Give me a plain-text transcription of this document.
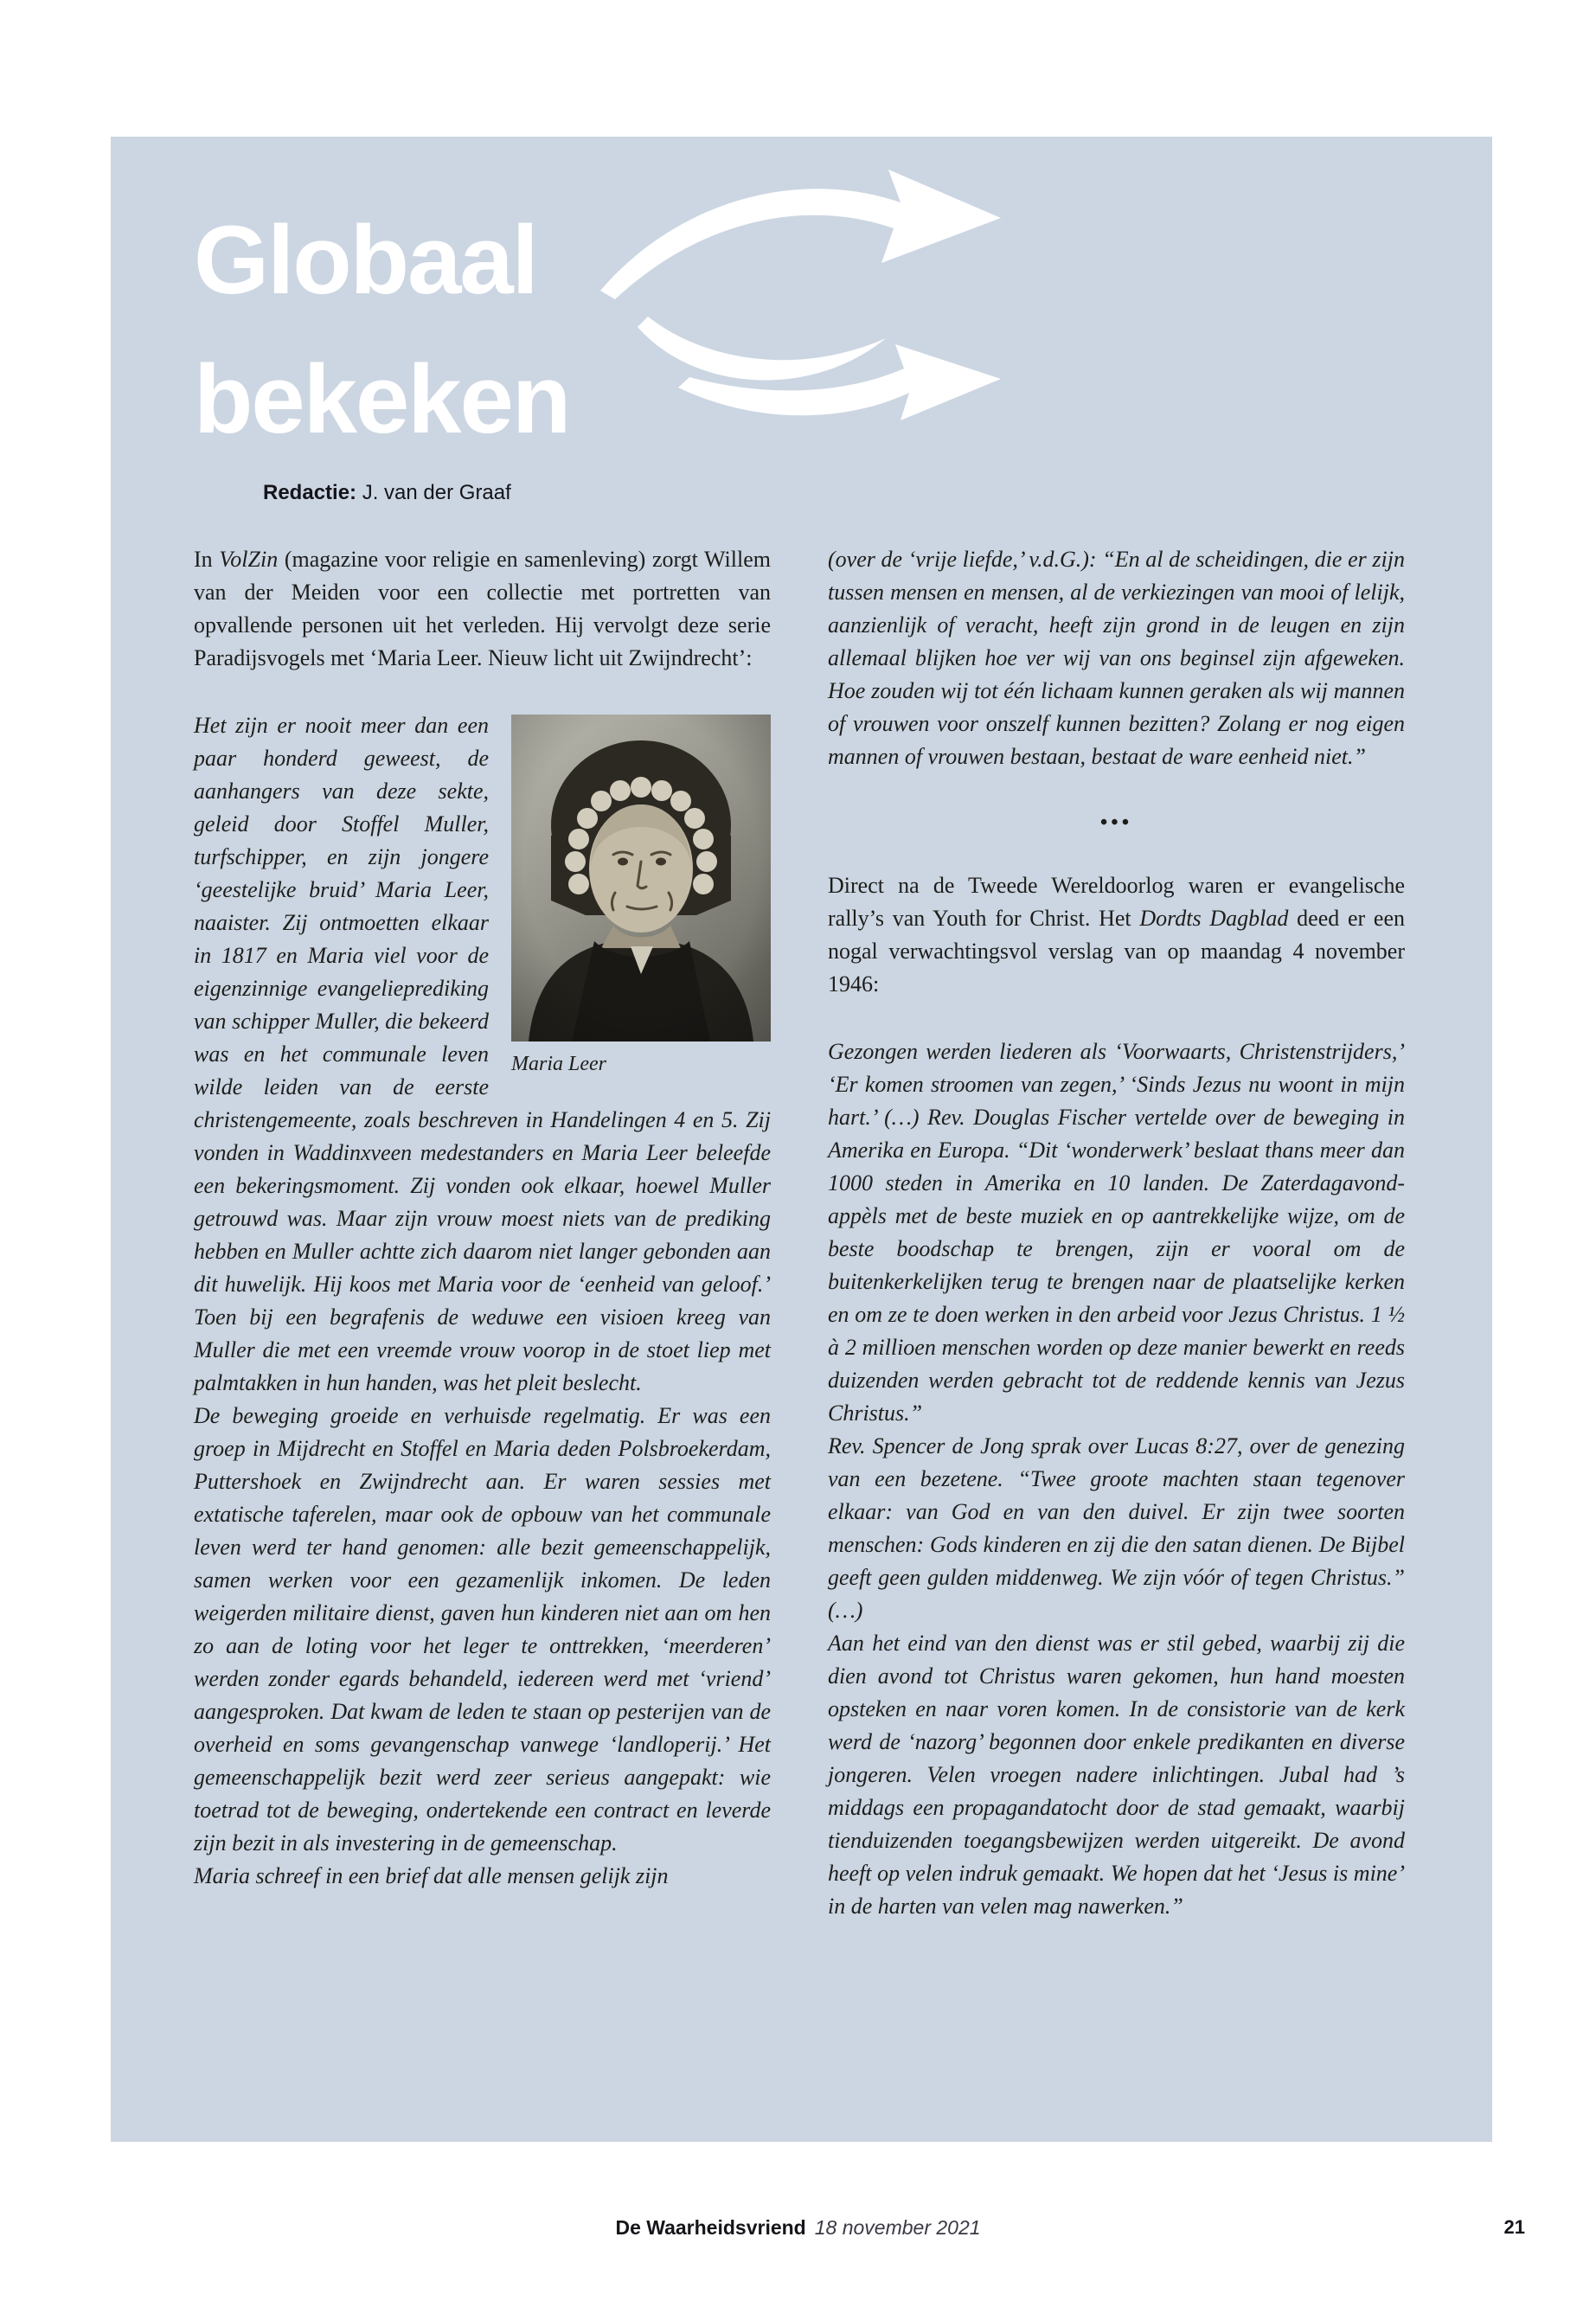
Globaal
bekeken
Redactie: J. van der Graaf

In VolZin (magazine voor religie en samenleving) zorgt Willem van der Meiden voor een collectie met portretten van opvallende personen uit het verleden. Hij vervolgt deze serie Paradijsvogels met ‘Maria Leer. Nieuw licht uit Zwijndrecht’:

Maria Leer

Het zijn er nooit meer dan een paar honderd geweest, de aanhangers van deze sekte, geleid door Stoffel Muller, turfschipper, en zijn jongere ‘geestelijke bruid’ Maria Leer, naaister. Zij ontmoetten elkaar in 1817 en Maria viel voor de eigenzinnige evangelieprediking van schipper Muller, die bekeerd was en het communale leven wilde leiden van de eerste christengemeente, zoals beschreven in Handelingen 4 en 5. Zij vonden in Waddinxveen medestanders en Maria Leer beleefde een bekeringsmoment. Zij vonden ook elkaar, hoewel Muller getrouwd was. Maar zijn vrouw moest niets van de prediking hebben en Muller achtte zich daarom niet langer gebonden aan dit huwelijk. Hij koos met Maria voor de ‘eenheid van geloof.’ Toen bij een begrafenis de weduwe een visioen kreeg van Muller die met een vreemde vrouw voorop in de stoet liep met palmtakken in hun handen, was het pleit beslecht.

De beweging groeide en verhuisde regelmatig. Er was een groep in Mijdrecht en Stoffel en Maria deden Polsbroekerdam, Puttershoek en Zwijndrecht aan. Er waren sessies met extatische taferelen, maar ook de opbouw van het communale leven werd ter hand genomen: alle bezit gemeenschappelijk, samen werken voor een gezamenlijk inkomen. De leden weigerden militaire dienst, gaven hun kinderen niet aan om hen zo aan de loting voor het leger te onttrekken, ‘meerderen’ werden zonder egards behandeld, iedereen werd met ‘vriend’ aangesproken. Dat kwam de leden te staan op pesterijen van de overheid en soms gevangenschap vanwege ‘landloperij.’ Het gemeenschappelijk bezit werd zeer serieus aangepakt: wie toetrad tot de beweging, ondertekende een contract en leverde zijn bezit in als investering in de gemeenschap.

Maria schreef in een brief dat alle mensen gelijk zijn

(over de ‘vrije liefde,’ v.d.G.): “En al de scheidingen, die er zijn tussen mensen en mensen, al de verkiezingen van mooi of lelijk, aanzienlijk of veracht, heeft zijn grond in de leugen en zijn allemaal blijken hoe ver wij van ons beginsel zijn afgeweken. Hoe zouden wij tot één lichaam kunnen geraken als wij mannen of vrouwen voor onszelf kunnen bezitten? Zolang er nog eigen mannen of vrouwen bestaan, bestaat de ware eenheid niet.”

•••

Direct na de Tweede Wereldoorlog waren er evangelische rally’s van Youth for Christ. Het Dordts Dagblad deed er een nogal verwachtingsvol verslag van op maandag 4 november 1946:

Gezongen werden liederen als ‘Voorwaarts, Christenstrijders,’ ‘Er komen stroomen van zegen,’ ‘Sinds Jezus nu woont in mijn hart.’ (…) Rev. Douglas Fischer vertelde over de beweging in Amerika en Europa. “Dit ‘wonderwerk’ beslaat thans meer dan 1000 steden in Amerika en 10 landen. De Zaterdagavond-appèls met de beste muziek en op aantrekkelijke wijze, om de beste boodschap te brengen, zijn er vooral om de buitenkerkelijken terug te brengen naar de plaatselijke kerken en om ze te doen werken in den arbeid voor Jezus Christus. 1 ½ à 2 millioen menschen worden op deze manier bewerkt en reeds duizenden werden gebracht tot de reddende kennis van Jezus Christus.”

Rev. Spencer de Jong sprak over Lucas 8:27, over de genezing van een bezetene. “Twee groote machten staan tegenover elkaar: van God en van den duivel. Er zijn twee soorten menschen: Gods kinderen en zij die den satan dienen. De Bijbel geeft geen gulden middenweg. We zijn vóór of tegen Christus.” (…)

Aan het eind van den dienst was er stil gebed, waarbij zij die dien avond tot Christus waren gekomen, hun hand moesten opsteken en naar voren komen. In de consistorie van de kerk werd de ‘nazorg’ begonnen door enkele predikanten en diverse jongeren. Velen vroegen nadere inlichtingen. Jubal had ’s middags een propagandatocht door de stad gemaakt, waarbij tienduizenden toegangsbewijzen werden uitgereikt. De avond heeft op velen indruk gemaakt. We hopen dat het ‘Jesus is mine’ in de harten van velen mag nawerken.”

De Waarheidsvriend 18 november 2021	21
